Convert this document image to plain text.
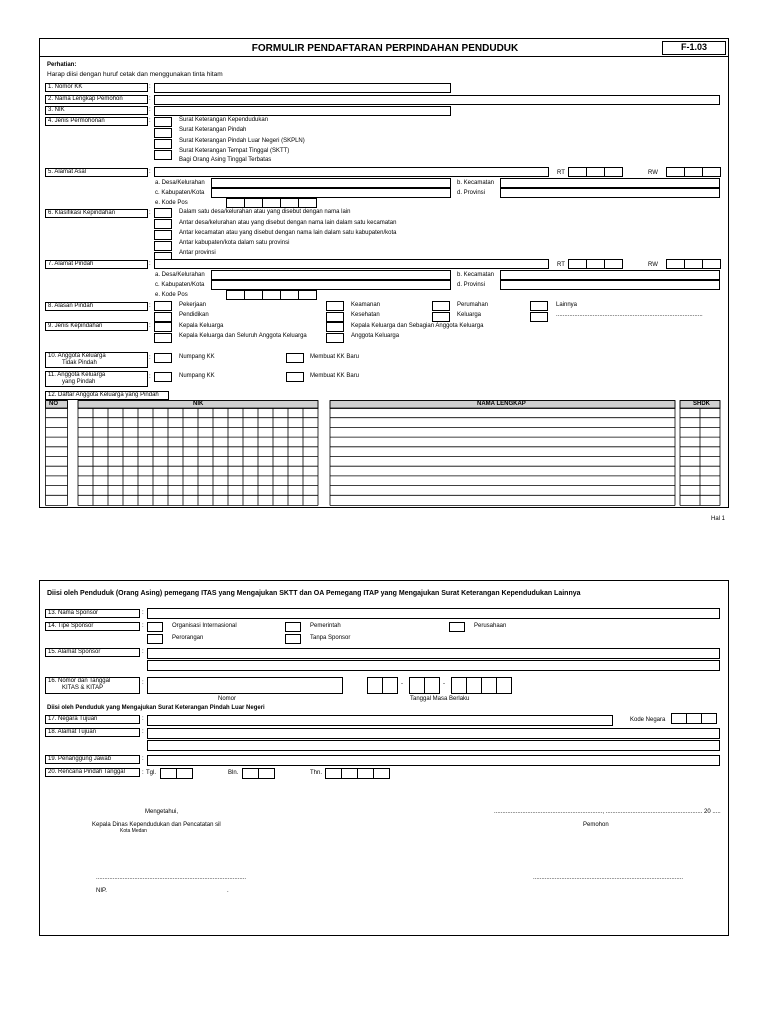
FORMULIR PENDAFTARAN PERPINDAHAN PENDUDUK	F-1.03
Perhatian:
Harap diisi dengan huruf cetak dan menggunakan tinta hitam
1. Nomor KK	:
2. Nama Lengkap Pemohon	:
3. NIK	:
4. Jenis Permohonan	:	Surat Keterangan Kependudukan
Surat Keterangan Pindah
Surat Keterangan Pindah Luar Negeri (SKPLN)
Surat Keterangan Tempat Tinggal (SKTT)
Bagi Orang Asing Tinggal Terbatas
5. Alamat Asal	:	RT	RW
a. Desa/Kelurahan	b. Kecamatan
c. Kabupaten/Kota	d. Provinsi
e. Kode Pos
6. Klasifikasi Kepindahan	:	Dalam satu desa/kelurahan atau yang disebut dengan nama lain
Antar desa/kelurahan atau yang disebut dengan nama lain dalam satu kecamatan
Antar kecamatan atau yang disebut dengan nama lain dalam satu kabupaten/kota
Antar kabupaten/kota dalam satu provinsi
Antar provinsi
7. Alamat Pindah	:	RT	RW
a. Desa/Kelurahan	b. Kecamatan
c. Kabupaten/Kota	d. Provinsi
e. Kode Pos
8. Alasan Pindah	:	Pekerjaan
Pendidikan
Keamanan
Kesehatan
Perumahan
Keluarga
Lainnya
........................................................................................
9. Jenis Kepindahan	:	Kepala Keluarga
Kepala Keluarga dan Seluruh Anggota Keluarga
Kepala Keluarga dan Sebagian Anggota Keluarga
Anggota Keluarga
10. Anggota Keluarga
Tidak Pindah
:	Numpang KK	Membuat KK Baru
11. Anggota Keluarga
yang Pindah
:	Numpang KK	Membuat KK Baru
12. Daftar Anggota Keluarga yang Pindah
NO	NIK	NAMA LENGKAP	SHDK
Hal 1
Diisi oleh Penduduk (Orang Asing) pemegang ITAS yang Mengajukan SKTT dan OA Pemegang ITAP yang Mengajukan Surat Keterangan Kependudukan Lainnya
13. Nama Sponsor	:
14. Tipe Sponsor	:	Organisasi Internasional	Pemerintah	Perusahaan
Perorangan	Tanpa Sponsor
15. Alamat Sponsor	:
16. Nomor dan Tanggal
KITAS & KITAP
:
Nomor
-	-
Tanggal Masa Berlaku
Diisi oleh Penduduk yang Mengajukan Surat Keterangan Pindah Luar Negeri
17. Negara Tujuan	:	Kode Negara
18. Alamat Tujuan	:
19. Penanggung Jawab	:
20. Rencana Pindah Tanggal	: Tgl.	Bln.	Thn.
Mengetahui,	................................................................., .......................................................... 20 .....
Kepala Dinas Kependudukan dan Pencatatan sil
Kota Medan
Pemohon
..........................................................................................	..........................................................................................
NIP.	.
